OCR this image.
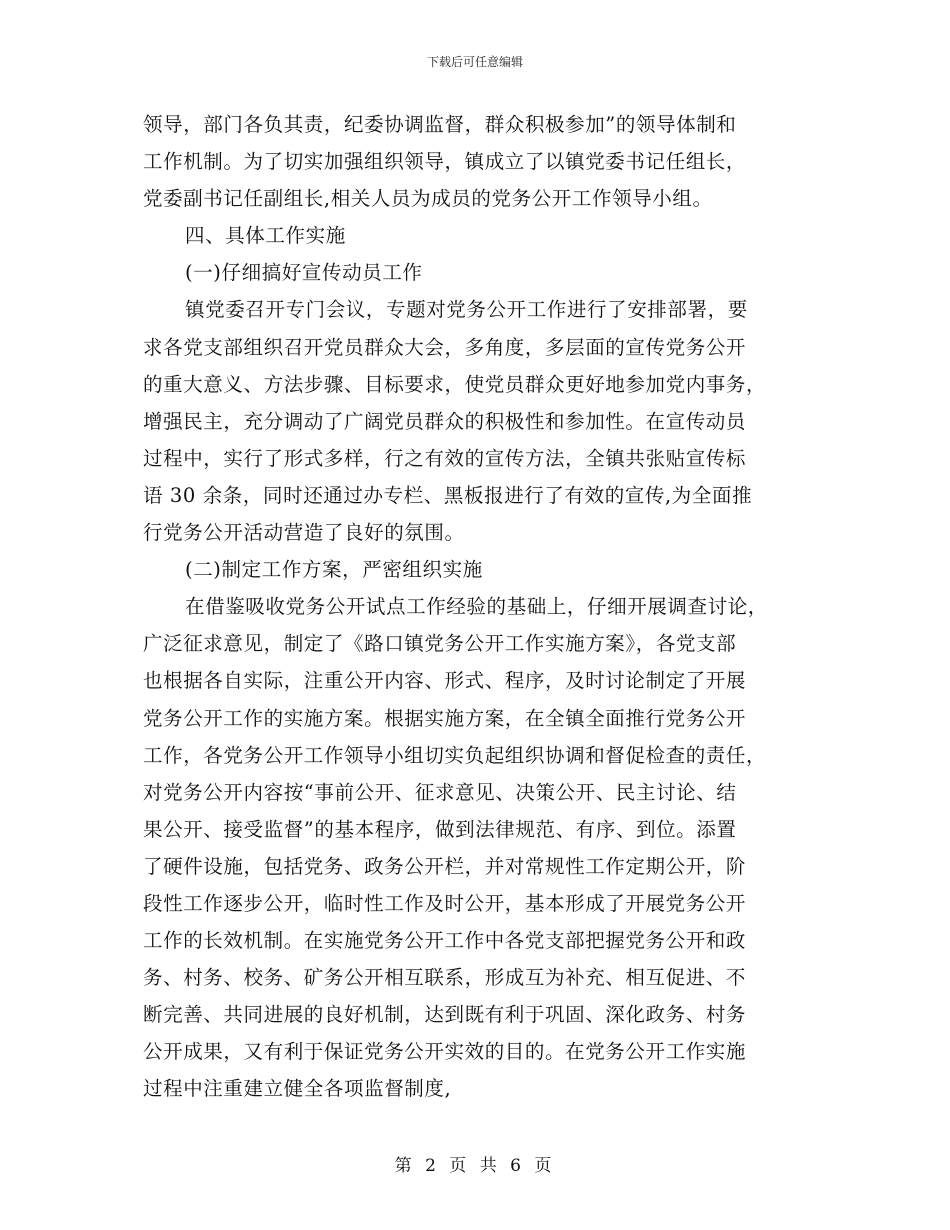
下载后可任意编辑
领导，部门各负其责，纪委协调监督，群众积极参加”的领导体制和
工作机制。为了切实加强组织领导，镇成立了以镇党委书记任组长，
党委副书记任副组长,相关人员为成员的党务公开工作领导小组。
四、具体工作实施
(一)仔细搞好宣传动员工作
镇党委召开专门会议，专题对党务公开工作进行了安排部署，要
求各党支部组织召开党员群众大会，多角度，多层面的宣传党务公开
的重大意义、方法步骤、目标要求，使党员群众更好地参加党内事务，
增强民主，充分调动了广阔党员群众的积极性和参加性。在宣传动员
过程中，实行了形式多样，行之有效的宣传方法，全镇共张贴宣传标
语 30 余条，同时还通过办专栏、黑板报进行了有效的宣传,为全面推
行党务公开活动营造了良好的氛围。
(二)制定工作方案，严密组织实施
在借鉴吸收党务公开试点工作经验的基础上，仔细开展调查讨论，
广泛征求意见，制定了《路口镇党务公开工作实施方案》，各党支部
也根据各自实际，注重公开内容、形式、程序，及时讨论制定了开展
党务公开工作的实施方案。根据实施方案，在全镇全面推行党务公开
工作，各党务公开工作领导小组切实负起组织协调和督促检查的责任，
对党务公开内容按“事前公开、征求意见、决策公开、民主讨论、结
果公开、接受监督”的基本程序，做到法律规范、有序、到位。添置
了硬件设施，包括党务、政务公开栏，并对常规性工作定期公开，阶
段性工作逐步公开，临时性工作及时公开，基本形成了开展党务公开
工作的长效机制。在实施党务公开工作中各党支部把握党务公开和政
务、村务、校务、矿务公开相互联系，形成互为补充、相互促进、不
断完善、共同进展的良好机制，达到既有利于巩固、深化政务、村务
公开成果，又有利于保证党务公开实效的目的。在党务公开工作实施
过程中注重建立健全各项监督制度,
第 2 页 共 6 页
